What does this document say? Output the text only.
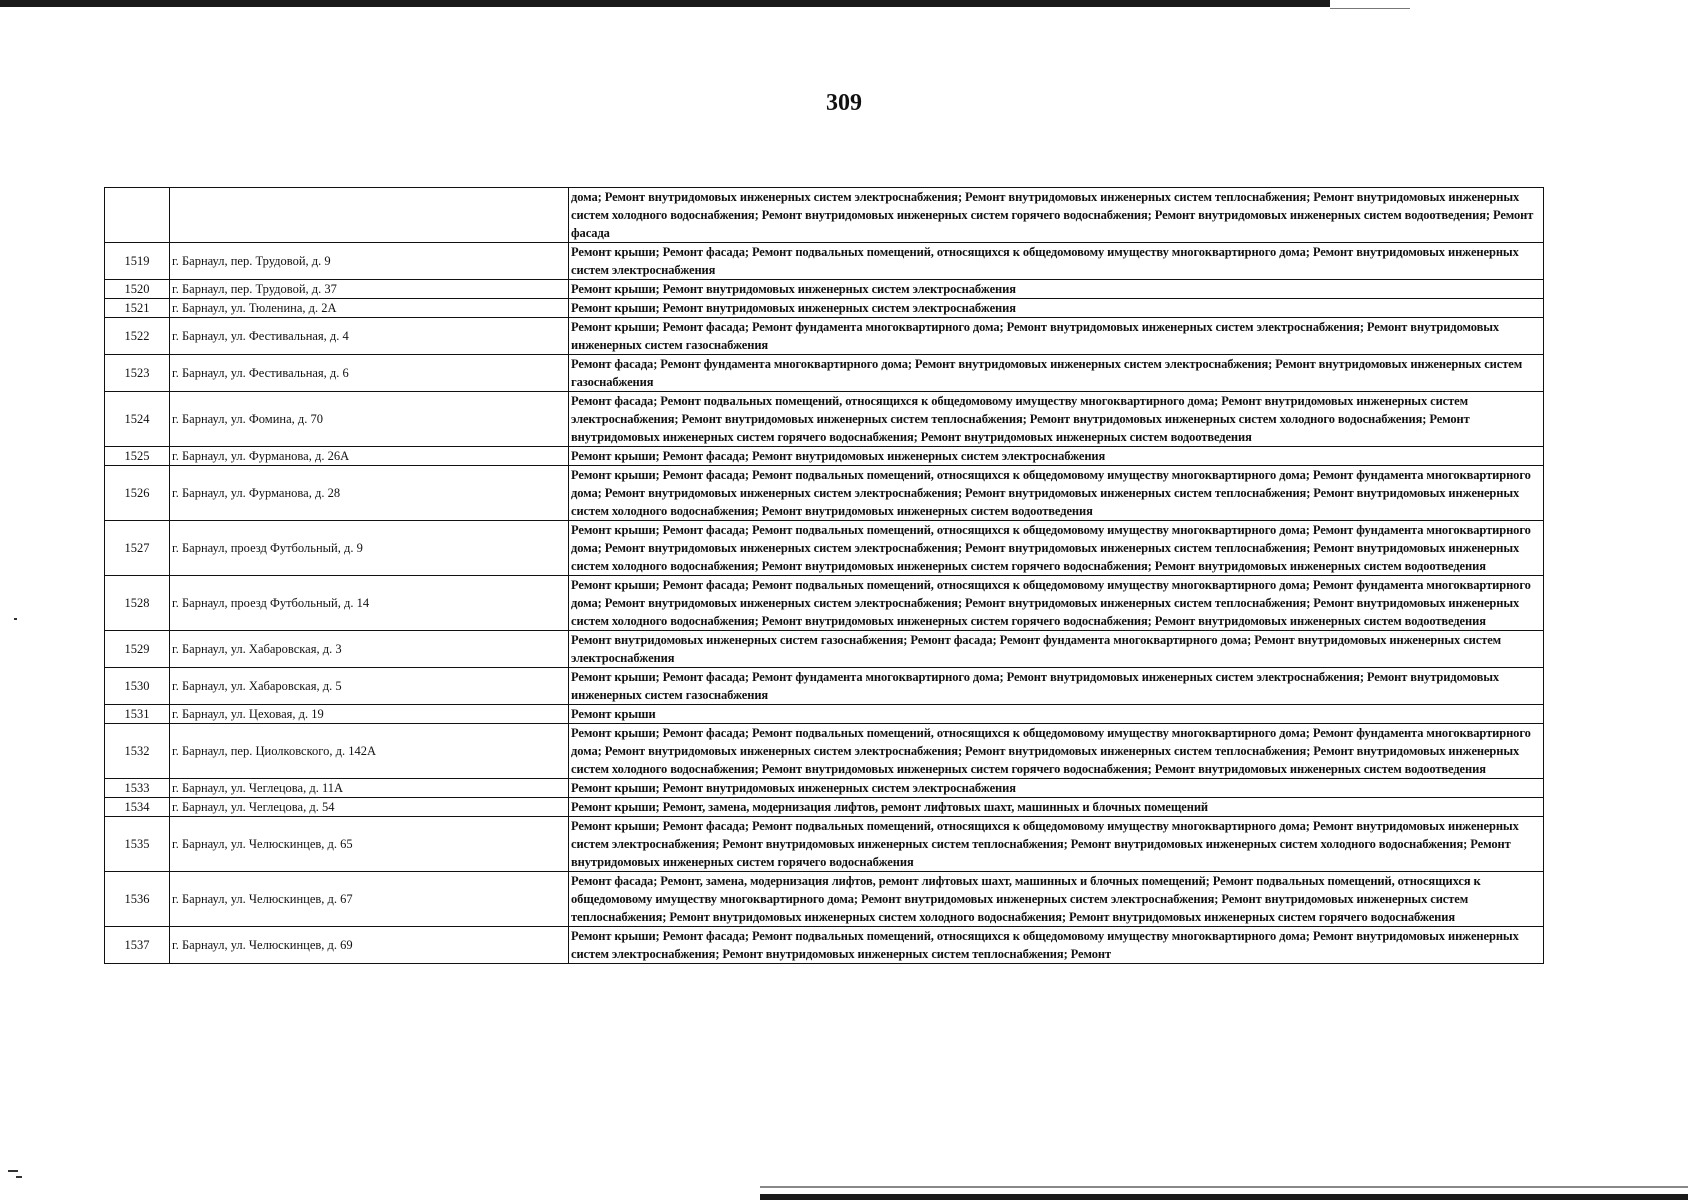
309
		дома; Ремонт внутридомовых инженерных систем электроснабжения; Ремонт внутридомовых инженерных систем теплоснабжения; Ремонт внутридомовых инженерных систем холодного водоснабжения; Ремонт внутридомовых инженерных систем горячего водоснабжения; Ремонт внутридомовых инженерных систем водоотведения; Ремонт фасада
1519	г. Барнаул, пер. Трудовой, д. 9	Ремонт крыши; Ремонт фасада; Ремонт подвальных помещений, относящихся к общедомовому имуществу многоквартирного дома; Ремонт внутридомовых инженерных систем электроснабжения
1520	г. Барнаул, пер. Трудовой, д. 37	Ремонт крыши; Ремонт внутридомовых инженерных систем электроснабжения
1521	г. Барнаул, ул. Тюленина, д. 2А	Ремонт крыши; Ремонт внутридомовых инженерных систем электроснабжения
1522	г. Барнаул, ул. Фестивальная, д. 4	Ремонт крыши; Ремонт фасада; Ремонт фундамента многоквартирного дома; Ремонт внутридомовых инженерных систем электроснабжения; Ремонт внутридомовых инженерных систем газоснабжения
1523	г. Барнаул, ул. Фестивальная, д. 6	Ремонт фасада; Ремонт фундамента многоквартирного дома; Ремонт внутридомовых инженерных систем электроснабжения; Ремонт внутридомовых инженерных систем газоснабжения
1524	г. Барнаул, ул. Фомина, д. 70	Ремонт фасада; Ремонт подвальных помещений, относящихся к общедомовому имуществу многоквартирного дома; Ремонт внутридомовых инженерных систем электроснабжения; Ремонт внутридомовых инженерных систем теплоснабжения; Ремонт внутридомовых инженерных систем холодного водоснабжения; Ремонт внутридомовых инженерных систем горячего водоснабжения; Ремонт внутридомовых инженерных систем водоотведения
1525	г. Барнаул, ул. Фурманова, д. 26А	Ремонт крыши; Ремонт фасада; Ремонт внутридомовых инженерных систем электроснабжения
1526	г. Барнаул, ул. Фурманова, д. 28	Ремонт крыши; Ремонт фасада; Ремонт подвальных помещений, относящихся к общедомовому имуществу многоквартирного дома; Ремонт фундамента многоквартирного дома; Ремонт внутридомовых инженерных систем электроснабжения; Ремонт внутридомовых инженерных систем теплоснабжения; Ремонт внутридомовых инженерных систем холодного водоснабжения; Ремонт внутридомовых инженерных систем водоотведения
1527	г. Барнаул, проезд Футбольный, д. 9	Ремонт крыши; Ремонт фасада; Ремонт подвальных помещений, относящихся к общедомовому имуществу многоквартирного дома; Ремонт фундамента многоквартирного дома; Ремонт внутридомовых инженерных систем электроснабжения; Ремонт внутридомовых инженерных систем теплоснабжения; Ремонт внутридомовых инженерных систем холодного водоснабжения; Ремонт внутридомовых инженерных систем горячего водоснабжения; Ремонт внутридомовых инженерных систем водоотведения
1528	г. Барнаул, проезд Футбольный, д. 14	Ремонт крыши; Ремонт фасада; Ремонт подвальных помещений, относящихся к общедомовому имуществу многоквартирного дома; Ремонт фундамента многоквартирного дома; Ремонт внутридомовых инженерных систем электроснабжения; Ремонт внутридомовых инженерных систем теплоснабжения; Ремонт внутридомовых инженерных систем холодного водоснабжения; Ремонт внутридомовых инженерных систем горячего водоснабжения; Ремонт внутридомовых инженерных систем водоотведения
1529	г. Барнаул, ул. Хабаровская, д. 3	Ремонт внутридомовых инженерных систем газоснабжения; Ремонт фасада; Ремонт фундамента многоквартирного дома; Ремонт внутридомовых инженерных систем электроснабжения
1530	г. Барнаул, ул. Хабаровская, д. 5	Ремонт крыши; Ремонт фасада; Ремонт фундамента многоквартирного дома; Ремонт внутридомовых инженерных систем электроснабжения; Ремонт внутридомовых инженерных систем газоснабжения
1531	г. Барнаул, ул. Цеховая, д. 19	Ремонт крыши
1532	г. Барнаул, пер. Циолковского, д. 142А	Ремонт крыши; Ремонт фасада; Ремонт подвальных помещений, относящихся к общедомовому имуществу многоквартирного дома; Ремонт фундамента многоквартирного дома; Ремонт внутридомовых инженерных систем электроснабжения; Ремонт внутридомовых инженерных систем теплоснабжения; Ремонт внутридомовых инженерных систем холодного водоснабжения; Ремонт внутридомовых инженерных систем горячего водоснабжения; Ремонт внутридомовых инженерных систем водоотведения
1533	г. Барнаул, ул. Чеглецова, д. 11А	Ремонт крыши; Ремонт внутридомовых инженерных систем электроснабжения
1534	г. Барнаул, ул. Чеглецова, д. 54	Ремонт крыши; Ремонт, замена, модернизация лифтов, ремонт лифтовых шахт, машинных и блочных помещений
1535	г. Барнаул, ул. Челюскинцев, д. 65	Ремонт крыши; Ремонт фасада; Ремонт подвальных помещений, относящихся к общедомовому имуществу многоквартирного дома; Ремонт внутридомовых инженерных систем электроснабжения; Ремонт внутридомовых инженерных систем теплоснабжения; Ремонт внутридомовых инженерных систем холодного водоснабжения; Ремонт внутридомовых инженерных систем горячего водоснабжения
1536	г. Барнаул, ул. Челюскинцев, д. 67	Ремонт фасада; Ремонт, замена, модернизация лифтов, ремонт лифтовых шахт, машинных и блочных помещений; Ремонт подвальных помещений, относящихся к общедомовому имуществу многоквартирного дома; Ремонт внутридомовых инженерных систем электроснабжения; Ремонт внутридомовых инженерных систем теплоснабжения; Ремонт внутридомовых инженерных систем холодного водоснабжения; Ремонт внутридомовых инженерных систем горячего водоснабжения
1537	г. Барнаул, ул. Челюскинцев, д. 69	Ремонт крыши; Ремонт фасада; Ремонт подвальных помещений, относящихся к общедомовому имуществу многоквартирного дома; Ремонт внутридомовых инженерных систем электроснабжения; Ремонт внутридомовых инженерных систем теплоснабжения; Ремонт
